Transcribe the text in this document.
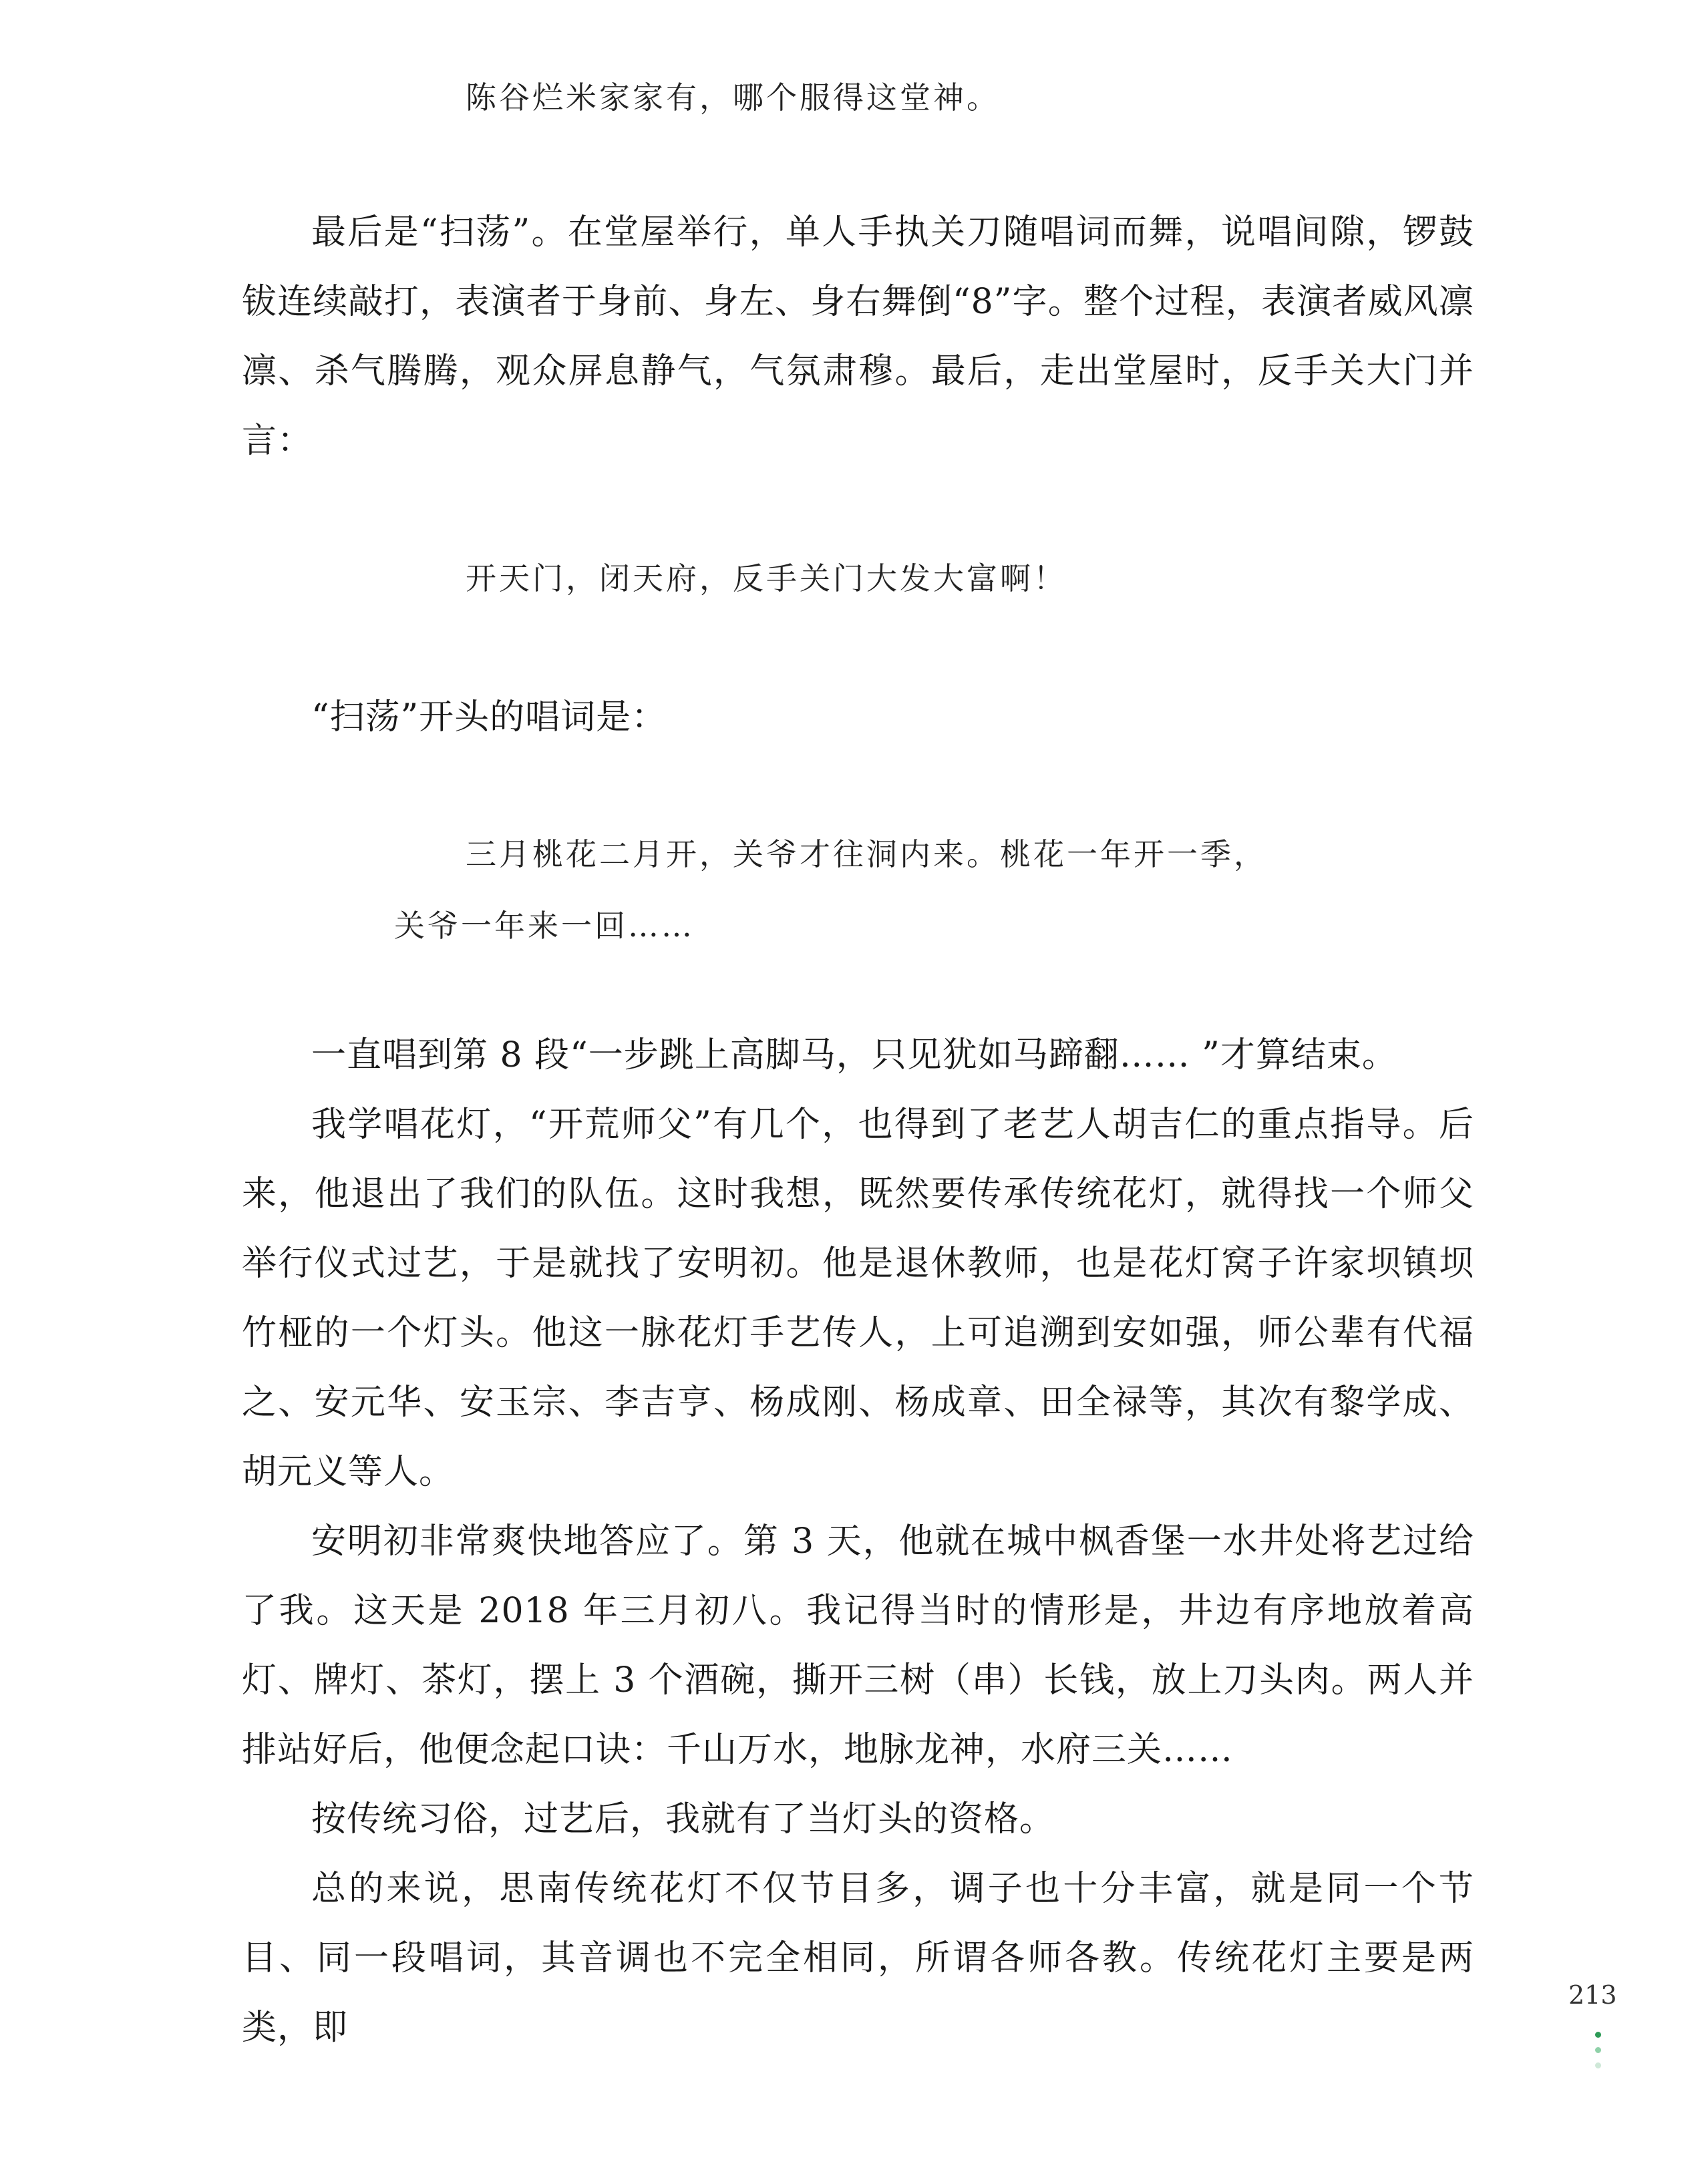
陈谷烂米家家有，哪个服得这堂神。

最后是“扫荡”。在堂屋举行，单人手执关刀随唱词而舞，说唱间隙，锣鼓钹连续敲打，表演者于身前、身左、身右舞倒“8”字。整个过程，表演者威风凛凛、杀气腾腾，观众屏息静气，气氛肃穆。最后，走出堂屋时，反手关大门并言：

开天门，闭天府，反手关门大发大富啊！

“扫荡”开头的唱词是：

三月桃花二月开，关爷才往洞内来。桃花一年开一季，
关爷一年来一回……

一直唱到第 8 段“一步跳上高脚马，只见犹如马蹄翻…… ”才算结束。

我学唱花灯，“开荒师父”有几个，也得到了老艺人胡吉仁的重点指导。后来，他退出了我们的队伍。这时我想，既然要传承传统花灯，就得找一个师父举行仪式过艺，于是就找了安明初。他是退休教师，也是花灯窝子许家坝镇坝竹桠的一个灯头。他这一脉花灯手艺传人，上可追溯到安如强，师公辈有代福之、安元华、安玉宗、李吉亨、杨成刚、杨成章、田全禄等，其次有黎学成、胡元义等人。

安明初非常爽快地答应了。第 3 天，他就在城中枫香堡一水井处将艺过给了我。这天是 2018 年三月初八。我记得当时的情形是，井边有序地放着高灯、牌灯、茶灯，摆上 3 个酒碗，撕开三树（串）长钱，放上刀头肉。两人并排站好后，他便念起口诀：千山万水，地脉龙神，水府三关……

按传统习俗，过艺后，我就有了当灯头的资格。

总的来说，思南传统花灯不仅节目多，调子也十分丰富，就是同一个节目、同一段唱词，其音调也不完全相同，所谓各师各教。传统花灯主要是两类，即

213
